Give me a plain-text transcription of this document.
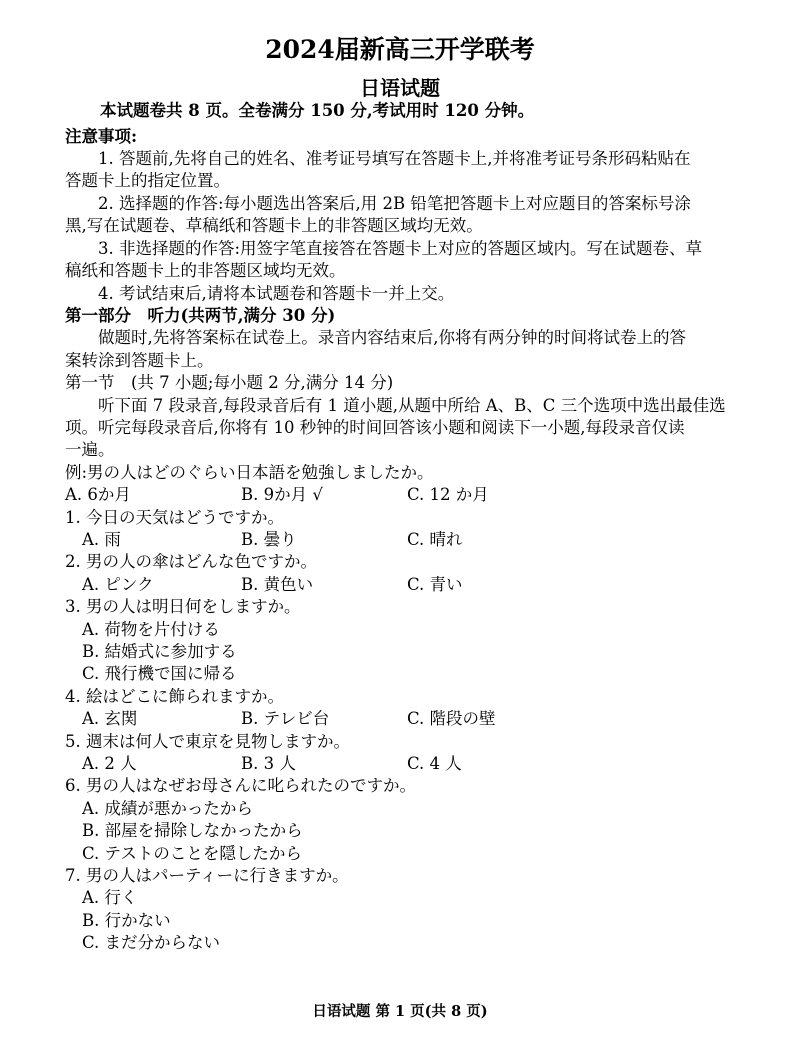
2024届新高三开学联考
日语试题
本试题卷共 8 页。全卷满分 150 分,考试用时 120 分钟。
注意事项:
1. 答题前,先将自己的姓名、准考证号填写在答题卡上,并将准考证号条形码粘贴在
答题卡上的指定位置。
2. 选择题的作答:每小题选出答案后,用 2B 铅笔把答题卡上对应题目的答案标号涂
黑,写在试题卷、草稿纸和答题卡上的非答题区域均无效。
3. 非选择题的作答:用签字笔直接答在答题卡上对应的答题区域内。写在试题卷、草
稿纸和答题卡上的非答题区域均无效。
4. 考试结束后,请将本试题卷和答题卡一并上交。
第一部分　听力(共两节,满分 30 分)
做题时,先将答案标在试卷上。录音内容结束后,你将有两分钟的时间将试卷上的答
案转涂到答题卡上。
第一节　(共 7 小题;每小题 2 分,满分 14 分)
听下面 7 段录音,每段录音后有 1 道小题,从题中所给 A、B、C 三个选项中选出最佳选
项。听完每段录音后,你将有 10 秒钟的时间回答该小题和阅读下一小题,每段录音仅读
一遍。
例:男の人はどのぐらい日本語を勉強しましたか。
A. 6か月	B. 9か月 √	C. 12 か月
1. 今日の天気はどうですか。
A. 雨	B. 曇り	C. 晴れ
2. 男の人の傘はどんな色ですか。
A. ピンク	B. 黄色い	C. 青い
3. 男の人は明日何をしますか。
A. 荷物を片付ける
B. 結婚式に参加する
C. 飛行機で国に帰る
4. 絵はどこに飾られますか。
A. 玄関	B. テレビ台	C. 階段の壁
5. 週末は何人で東京を見物しますか。
A. 2 人	B. 3 人	C. 4 人
6. 男の人はなぜお母さんに叱られたのですか。
A. 成績が悪かったから
B. 部屋を掃除しなかったから
C. テストのことを隠したから
7. 男の人はパーティーに行きますか。
A. 行く
B. 行かない
C. まだ分からない
日语试题 第 1 页(共 8 页)
